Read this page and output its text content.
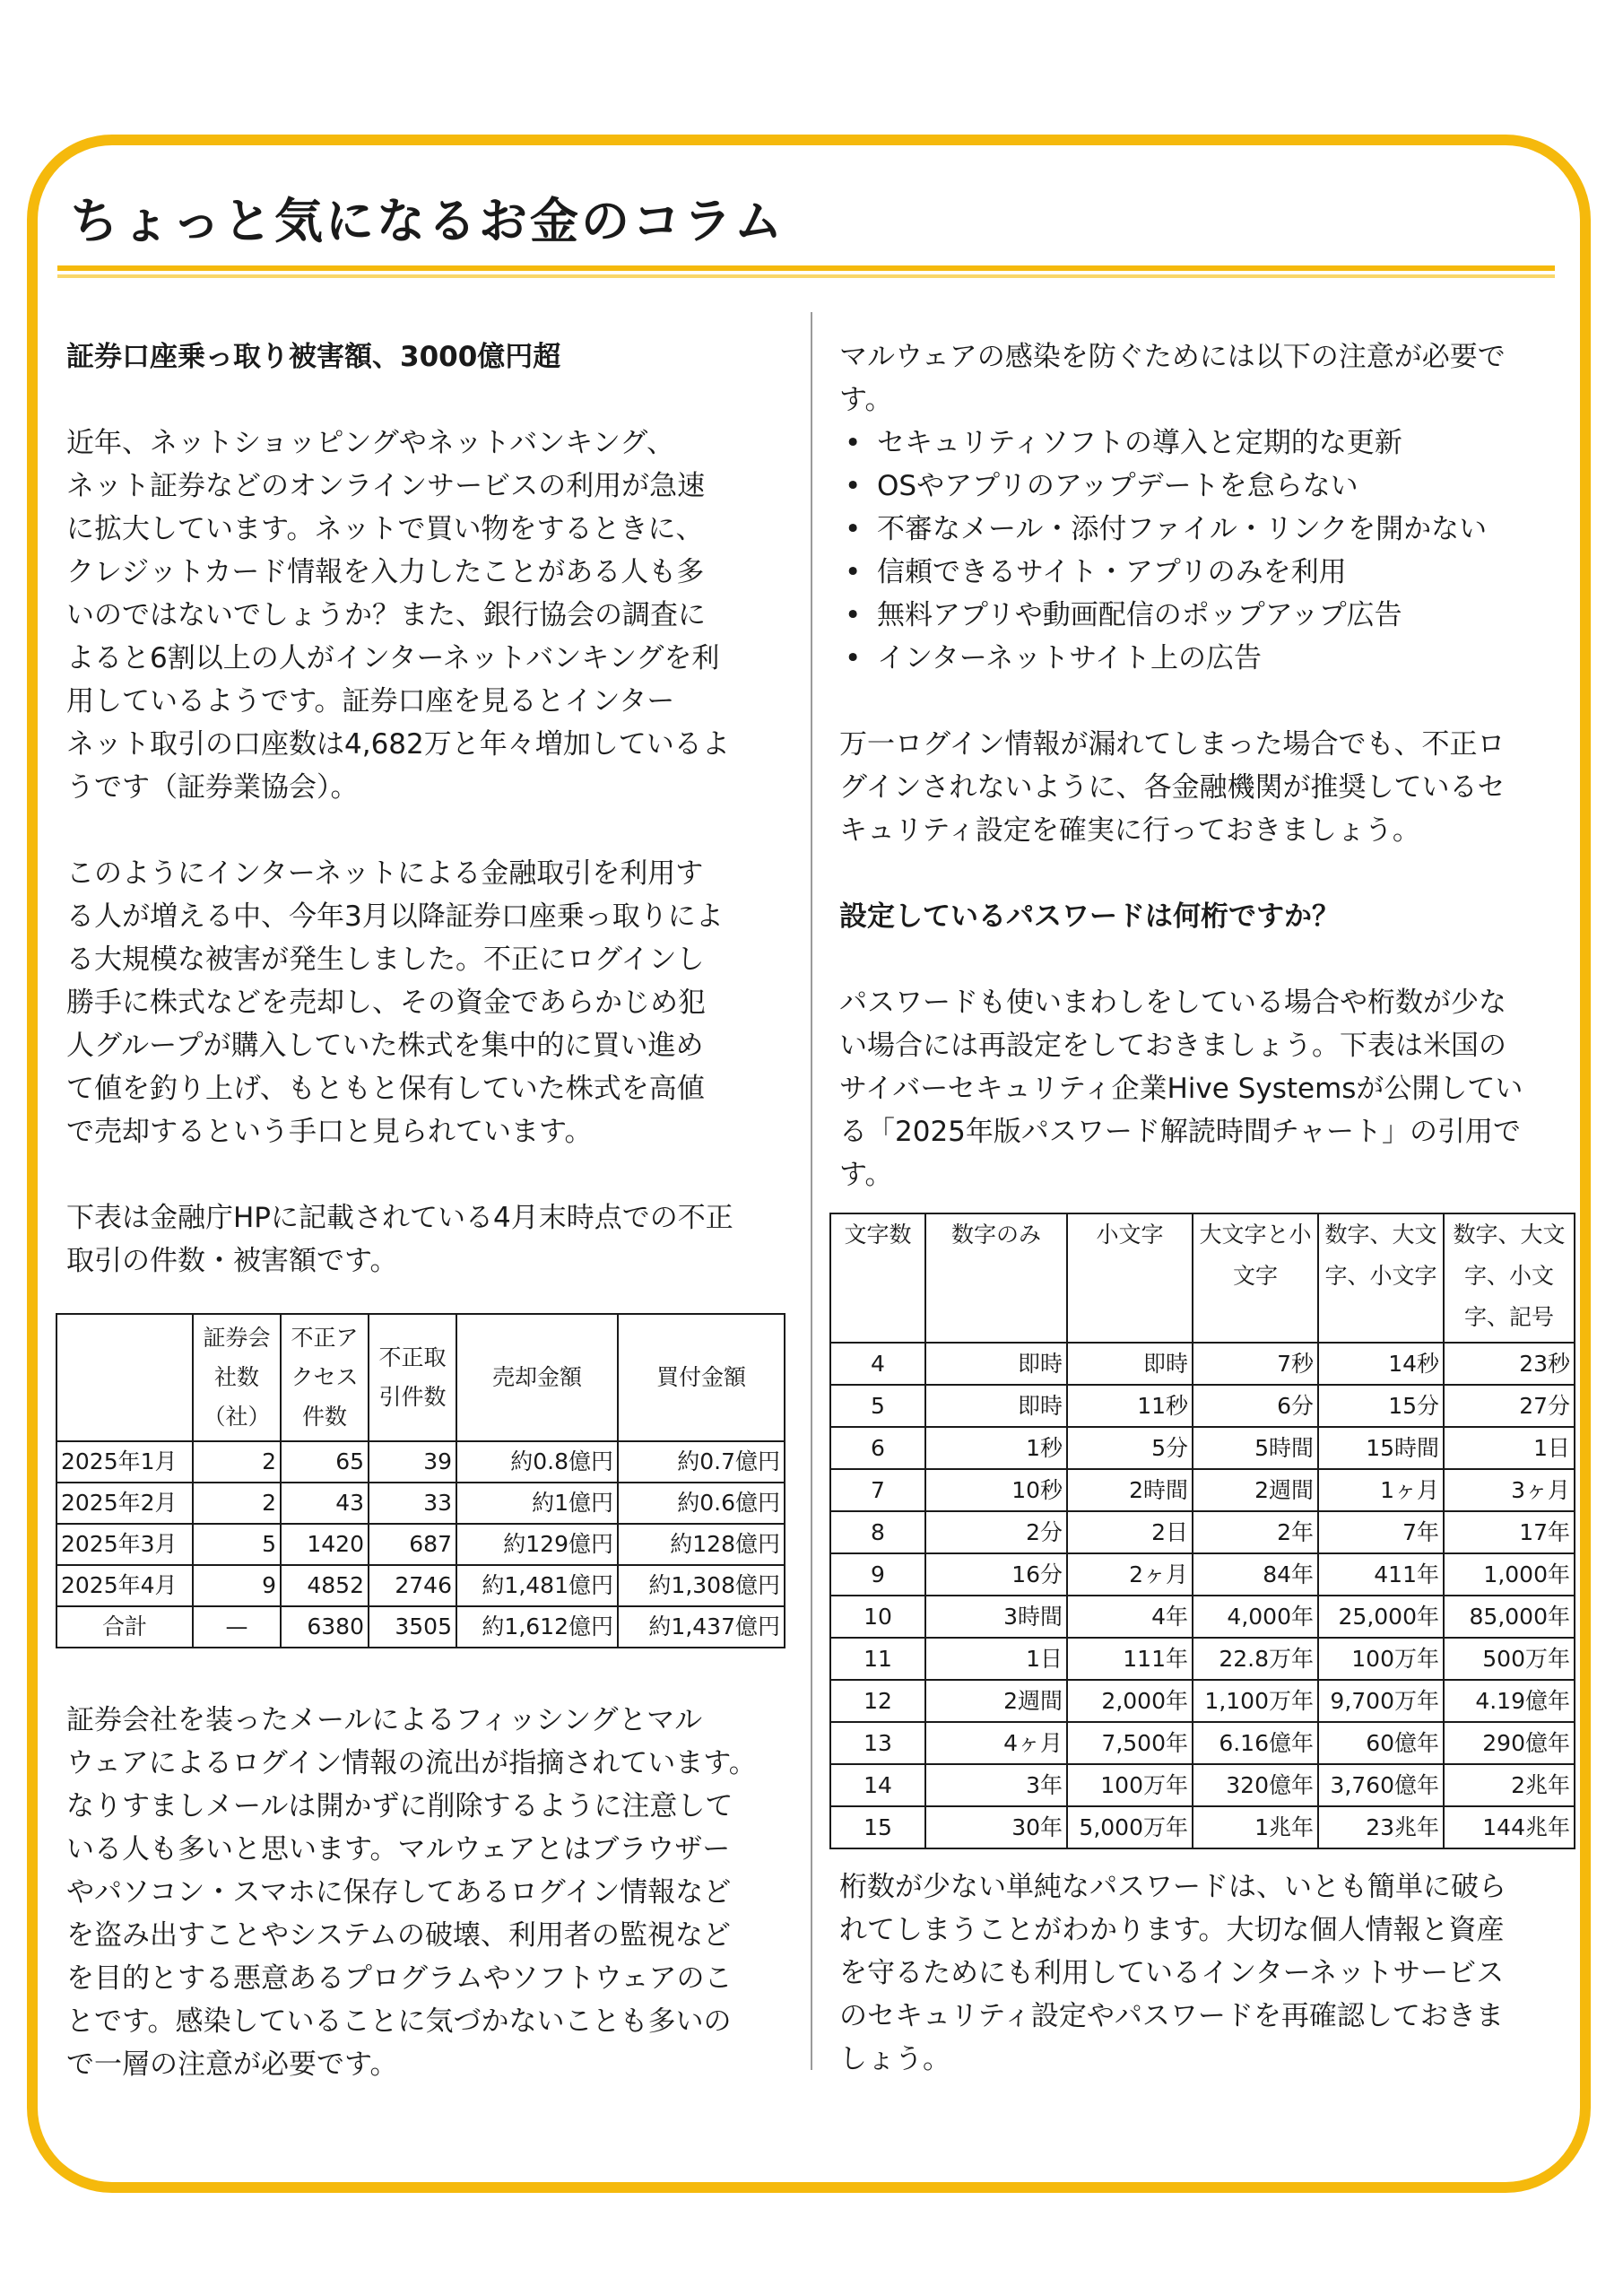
ちょっと気になるお金のコラム

証券口座乗っ取り被害額、3000億円超

近年、ネットショッピングやネットバンキング、

ネット証券などのオンラインサービスの利用が急速

に拡大しています。ネットで買い物をするときに、

クレジットカード情報を入力したことがある人も多

いのではないでしょうか？また、銀行協会の調査に

よると6割以上の人がインターネットバンキングを利

用しているようです。証券口座を見るとインター

ネット取引の口座数は4,682万と年々増加しているよ

うです（証券業協会）。

このようにインターネットによる金融取引を利用す

る人が増える中、今年3月以降証券口座乗っ取りによ

る大規模な被害が発生しました。不正にログインし

勝手に株式などを売却し、その資金であらかじめ犯

人グループが購入していた株式を集中的に買い進め

て値を釣り上げ、もともと保有していた株式を高値

で売却するという手口と見られています。

下表は金融庁HPに記載されている4月末時点での不正

取引の件数・被害額です。

	証券会社数（社）	不正アクセス件数	不正取引件数	売却金額	買付金額
2025年1月	2	65	39	約0.8億円	約0.7億円
2025年2月	2	43	33	約1億円	約0.6億円
2025年3月	5	1420	687	約129億円	約128億円
2025年4月	9	4852	2746	約1,481億円	約1,308億円
合計	—	6380	3505	約1,612億円	約1,437億円

証券会社を装ったメールによるフィッシングとマル

ウェアによるログイン情報の流出が指摘されています。

なりすましメールは開かずに削除するように注意して

いる人も多いと思います。マルウェアとはブラウザー

やパソコン・スマホに保存してあるログイン情報など

を盗み出すことやシステムの破壊、利用者の監視など

を目的とする悪意あるプログラムやソフトウェアのこ

とです。感染していることに気づかないことも多いの

で一層の注意が必要です。

マルウェアの感染を防ぐためには以下の注意が必要で

す。

• セキュリティソフトの導入と定期的な更新
• OSやアプリのアップデートを怠らない
• 不審なメール・添付ファイル・リンクを開かない
• 信頼できるサイト・アプリのみを利用
• 無料アプリや動画配信のポップアップ広告
• インターネットサイト上の広告

万一ログイン情報が漏れてしまった場合でも、不正ロ

グインされないように、各金融機関が推奨しているセ

キュリティ設定を確実に行っておきましょう。

設定しているパスワードは何桁ですか？

パスワードも使いまわしをしている場合や桁数が少な

い場合には再設定をしておきましょう。下表は米国の

サイバーセキュリティ企業Hive Systemsが公開してい

る「2025年版パスワード解読時間チャート」の引用で

す。

文字数	数字のみ	小文字	大文字と小文字	数字、大文字、小文字	数字、大文字、小文字、記号
4	即時	即時	7秒	14秒	23秒
5	即時	11秒	6分	15分	27分
6	1秒	5分	5時間	15時間	1日
7	10秒	2時間	2週間	1ヶ月	3ヶ月
8	2分	2日	2年	7年	17年
9	16分	2ヶ月	84年	411年	1,000年
10	3時間	4年	4,000年	25,000年	85,000年
11	1日	111年	22.8万年	100万年	500万年
12	2週間	2,000年	1,100万年	9,700万年	4.19億年
13	4ヶ月	7,500年	6.16億年	60億年	290億年
14	3年	100万年	320億年	3,760億年	2兆年
15	30年	5,000万年	1兆年	23兆年	144兆年

桁数が少ない単純なパスワードは、いとも簡単に破ら

れてしまうことがわかります。大切な個人情報と資産

を守るためにも利用しているインターネットサービス

のセキュリティ設定やパスワードを再確認しておきま

しょう。
